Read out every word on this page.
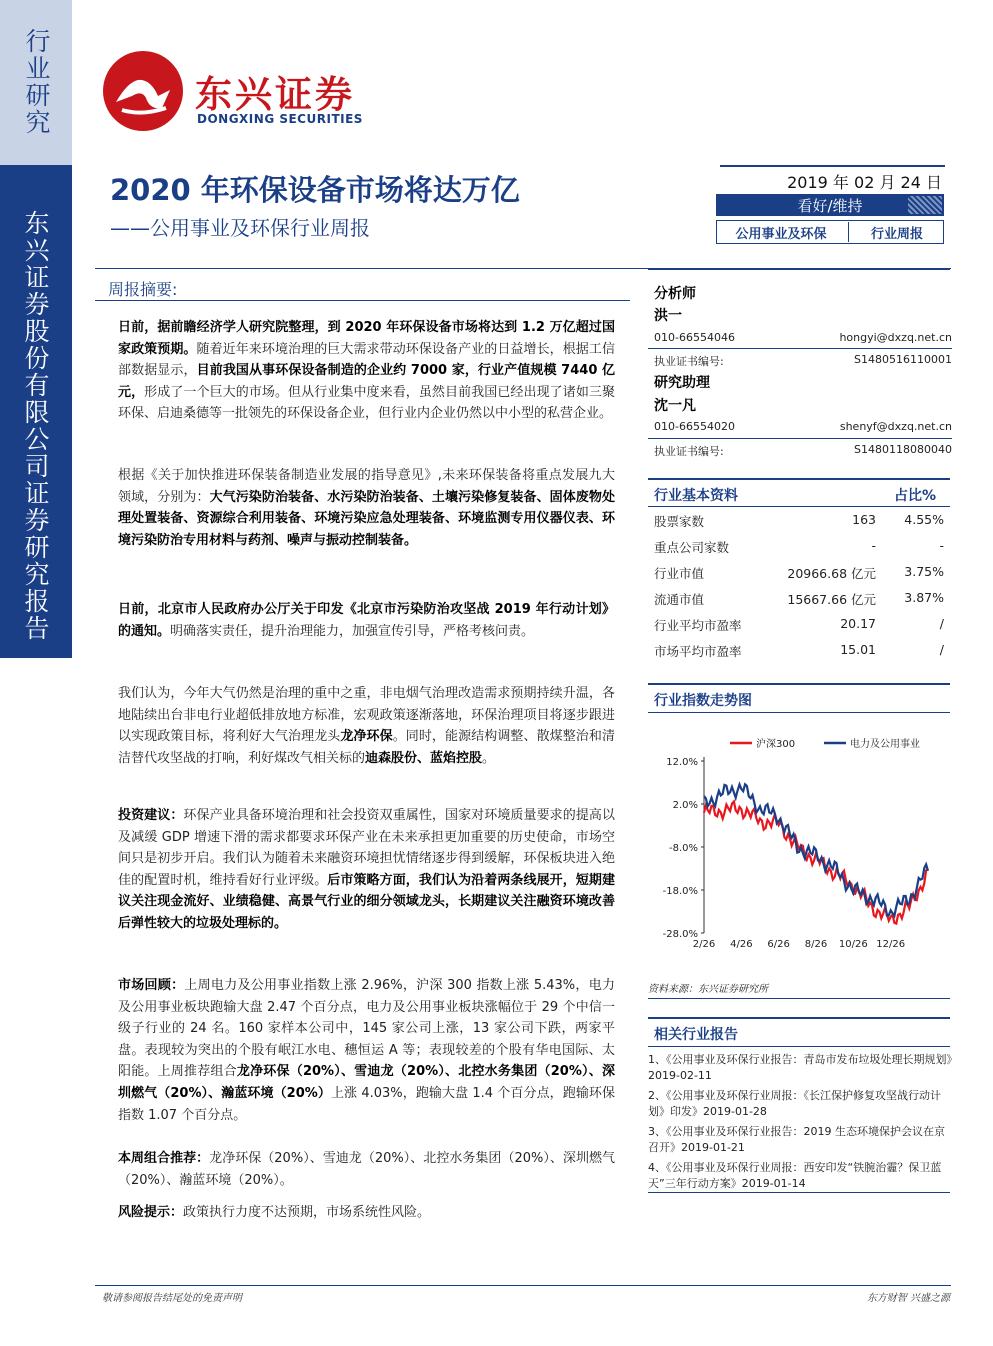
行业研究
东兴证券股份有限公司证券研究报告
东兴证券
DONGXING SECURITIES
2020 年环保设备市场将达万亿
——公用事业及环保行业周报
2019 年 02 月 24 日
看好/维持
公用事业及环保	行业周报
周报摘要:
日前，据前瞻经济学人研究院整理，到 2020 年环保设备市场将达到 1.2 万亿超过国家政策预期。随着近年来环境治理的巨大需求带动环保设备产业的日益增长，根据工信部数据显示，目前我国从事环保设备制造的企业约 7000 家，行业产值规模 7440 亿元，形成了一个巨大的市场。但从行业集中度来看，虽然目前我国已经出现了诸如三聚环保、启迪桑德等一批领先的环保设备企业，但行业内企业仍然以中小型的私营企业。
根据《关于加快推进环保装备制造业发展的指导意见》,未来环保装备将重点发展九大领域，分别为：大气污染防治装备、水污染防治装备、土壤污染修复装备、固体废物处理处置装备、资源综合利用装备、环境污染应急处理装备、环境监测专用仪器仪表、环境污染防治专用材料与药剂、噪声与振动控制装备。
日前，北京市人民政府办公厅关于印发《北京市污染防治攻坚战 2019 年行动计划》的通知。明确落实责任，提升治理能力，加强宣传引导，严格考核问责。
我们认为，今年大气仍然是治理的重中之重，非电烟气治理改造需求预期持续升温，各地陆续出台非电行业超低排放地方标准，宏观政策逐渐落地，环保治理项目将逐步跟进以实现政策目标，将利好大气治理龙头龙净环保。同时，能源结构调整、散煤整治和清洁替代攻坚战的打响，利好煤改气相关标的迪森股份、蓝焰控股。
投资建议：环保产业具备环境治理和社会投资双重属性，国家对环境质量要求的提高以及减缓 GDP 增速下滑的需求都要求环保产业在未来承担更加重要的历史使命，市场空间只是初步开启。我们认为随着未来融资环境担忧情绪逐步得到缓解，环保板块进入绝佳的配置时机，维持看好行业评级。后市策略方面，我们认为沿着两条线展开，短期建议关注现金流好、业绩稳健、高景气行业的细分领域龙头，长期建议关注融资环境改善后弹性较大的垃圾处理标的。
市场回顾：上周电力及公用事业指数上涨 2.96%，沪深 300 指数上涨 5.43%，电力及公用事业板块跑输大盘 2.47 个百分点，电力及公用事业板块涨幅位于 29 个中信一级子行业的 24 名。160 家样本公司中，145 家公司上涨，13 家公司下跌，两家平盘。表现较为突出的个股有岷江水电、穗恒运 A 等；表现较差的个股有华电国际、太阳能。上周推荐组合龙净环保（20%）、雪迪龙（20%）、北控水务集团（20%）、深圳燃气（20%）、瀚蓝环境（20%）上涨 4.03%，跑输大盘 1.4 个百分点，跑输环保指数 1.07 个百分点。
本周组合推荐：龙净环保（20%）、雪迪龙（20%）、北控水务集团（20%）、深圳燃气（20%）、瀚蓝环境（20%）。
风险提示：政策执行力度不达预期，市场系统性风险。
分析师
洪一
010-66554046	hongyi@dxzq.net.cn
执业证书编号:	S1480516110001
研究助理
沈一凡
010-66554020	shenyf@dxzq.net.cn
执业证书编号:	S1480118080040
行业基本资料	占比%
股票家数	163	4.55%
重点公司家数	-	-
行业市值	20966.68 亿元	3.75%
流通市值	15667.66 亿元	3.87%
行业平均市盈率	20.17	/
市场平均市盈率	15.01	/
行业指数走势图
12.0%
2.0%
-8.0%
-18.0%
-28.0%
2/26 4/26 6/26 8/26 10/26 12/26
沪深300	电力及公用事业
资料来源：东兴证券研究所
相关行业报告
1、《公用事业及环保行业报告：青岛市发布垃圾处理长期规划》2019-02-11
2、《公用事业及环保行业周报：《长江保护修复攻坚战行动计划》印发》2019-01-28
3、《公用事业及环保行业报告：2019 生态环境保护会议在京召开》2019-01-21
4、《公用事业及环保行业周报：西安印发“铁腕治霾？保卫蓝天”三年行动方案》2019-01-14
敬请参阅报告结尾处的免责声明	东方财智 兴盛之源
